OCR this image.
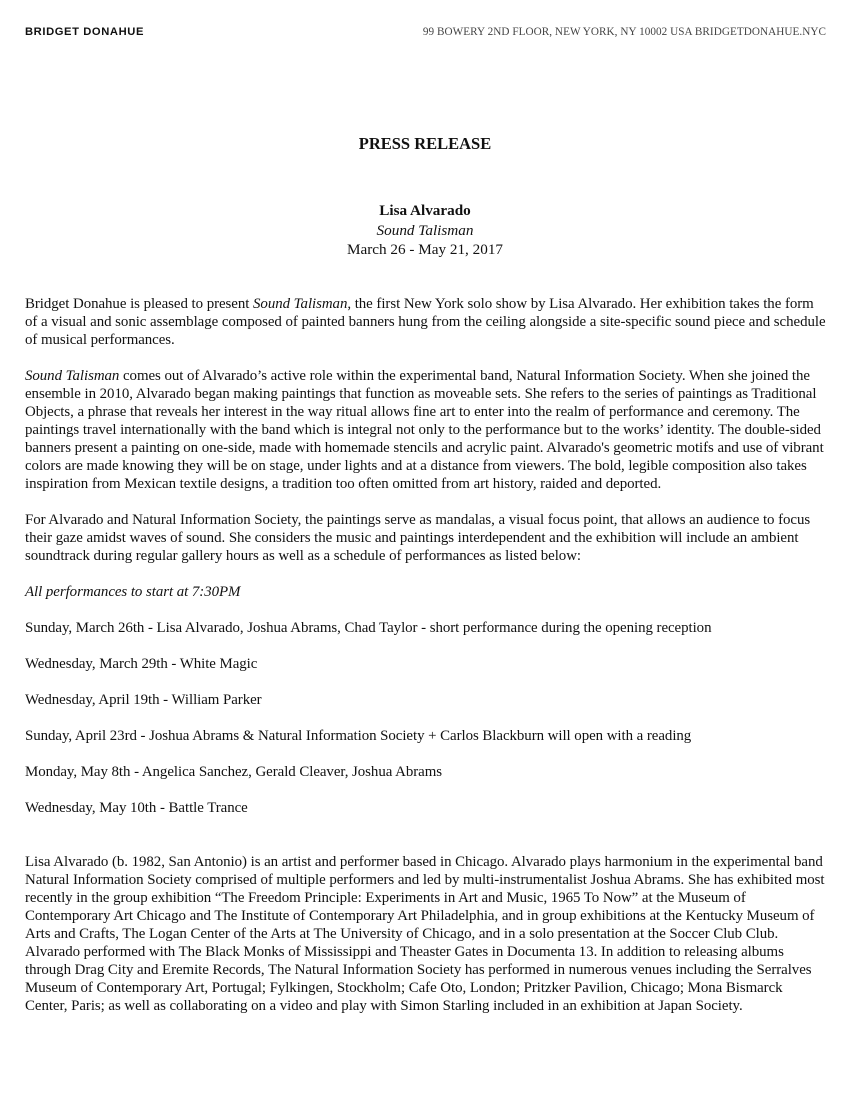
BRIDGET DONAHUE	99 BOWERY 2ND FLOOR, NEW YORK, NY 10002 USA BRIDGETDONAHUE.NYC
PRESS RELEASE
Lisa Alvarado
Sound Talisman
March 26 - May 21, 2017

Bridget Donahue is pleased to present Sound Talisman, the first New York solo show by Lisa Alvarado. Her exhibition takes the form of a visual and sonic assemblage composed of painted banners hung from the ceiling alongside a site-specific sound piece and schedule of musical performances.

Sound Talisman comes out of Alvarado’s active role within the experimental band, Natural Information Society. When she joined the ensemble in 2010, Alvarado began making paintings that function as moveable sets. She refers to the series of paintings as Traditional Objects, a phrase that reveals her interest in the way ritual allows fine art to enter into the realm of performance and ceremony. The paintings travel internationally with the band which is integral not only to the performance but to the works’ identity. The double-sided banners present a painting on one-side, made with homemade stencils and acrylic paint. Alvarado's geometric motifs and use of vibrant colors are made knowing they will be on stage, under lights and at a distance from viewers. The bold, legible composition also takes inspiration from Mexican textile designs, a tradition too often omitted from art history, raided and deported.

For Alvarado and Natural Information Society, the paintings serve as mandalas, a visual focus point, that allows an audience to focus their gaze amidst waves of sound. She considers the music and paintings interdependent and the exhibition will include an ambient soundtrack during regular gallery hours as well as a schedule of performances as listed below:

All performances to start at 7:30PM

Sunday, March 26th - Lisa Alvarado, Joshua Abrams, Chad Taylor - short performance during the opening reception

Wednesday, March 29th - White Magic

Wednesday, April 19th - William Parker

Sunday, April 23rd - Joshua Abrams & Natural Information Society + Carlos Blackburn will open with a reading

Monday, May 8th - Angelica Sanchez, Gerald Cleaver, Joshua Abrams

Wednesday, May 10th - Battle Trance

Lisa Alvarado (b. 1982, San Antonio) is an artist and performer based in Chicago. Alvarado plays harmonium in the experimental band Natural Information Society comprised of multiple performers and led by multi-instrumentalist Joshua Abrams. She has exhibited most recently in the group exhibition “The Freedom Principle: Experiments in Art and Music, 1965 To Now” at the Museum of Contemporary Art Chicago and The Institute of Contemporary Art Philadelphia, and in group exhibitions at the Kentucky Museum of Arts and Crafts, The Logan Center of the Arts at The University of Chicago, and in a solo presentation at the Soccer Club Club. Alvarado performed with The Black Monks of Mississippi and Theaster Gates in Documenta 13. In addition to releasing albums through Drag City and Eremite Records, The Natural Information Society has performed in numerous venues including the Serralves Museum of Contemporary Art, Portugal; Fylkingen, Stockholm; Cafe Oto, London; Pritzker Pavilion, Chicago; Mona Bismarck Center, Paris; as well as collaborating on a video and play with Simon Starling included in an exhibition at Japan Society.
